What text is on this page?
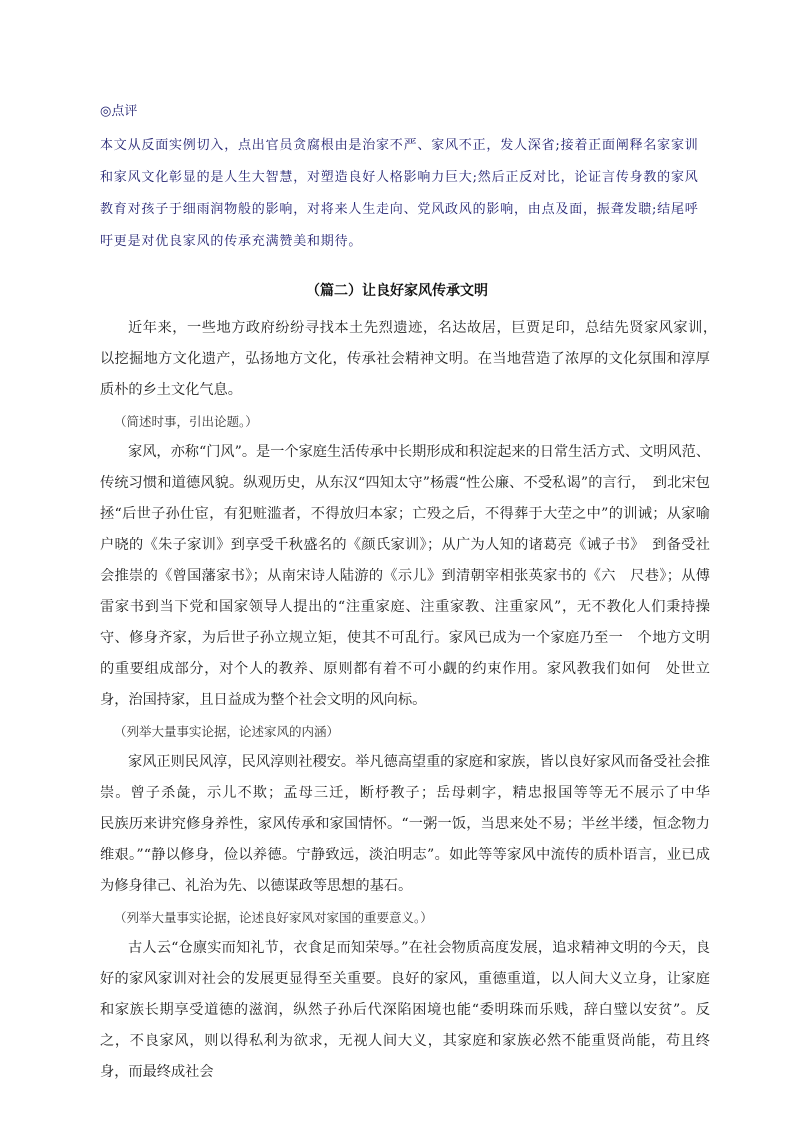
◎点评
本文从反面实例切入，点出官员贪腐根由是治家不严、家风不正，发人深省;接着正面阐释名家家训和家风文化彰显的是人生大智慧，对塑造良好人格影响力巨大;然后正反对比，论证言传身教的家风教育对孩子于细雨润物般的影响，对将来人生走向、党风政风的影响，由点及面，振聋发聩;结尾呼吁更是对优良家风的传承充满赞美和期待。
（篇二）让良好家风传承文明
近年来，一些地方政府纷纷寻找本土先烈遗迹，名达故居，巨贾足印，总结先贤家风家训，　以挖掘地方文化遗产，弘扬地方文化，传承社会精神文明。在当地营造了浓厚的文化氛围和淳厚　质朴的乡土文化气息。
（简述时事，引出论题。）
家风，亦称“门风”。是一个家庭生活传承中长期形成和积淀起来的日常生活方式、文明风范、传统习惯和道德风貌。纵观历史，从东汉“四知太守”杨震“性公廉、不受私谒”的言行，　到北宋包拯“后世子孙仕宦，有犯赃滥者，不得放归本家；亡殁之后，不得葬于大茔之中”的训诫；从家喻户晓的《朱子家训》到享受千秋盛名的《颜氏家训》；从广为人知的诸葛亮《诫子书》　到备受社会推崇的《曾国藩家书》；从南宋诗人陆游的《示儿》到清朝宰相张英家书的《六　尺巷》；从傅雷家书到当下党和国家领导人提出的“注重家庭、注重家教、注重家风”，无不教化人们秉持操守、修身齐家，为后世子孙立规立矩，使其不可乱行。家风已成为一个家庭乃至一　个地方文明的重要组成部分，对个人的教养、原则都有着不可小觑的约束作用。家风教我们如何　处世立身，治国持家，且日益成为整个社会文明的风向标。
（列举大量事实论据，论述家风的内涵）
家风正则民风淳，民风淳则社稷安。举凡德高望重的家庭和家族，皆以良好家风而备受社会推崇。曾子杀彘，示儿不欺；孟母三迁，断杼教子；岳母刺字，精忠报国等等无不展示了中华　　民族历来讲究修身养性，家风传承和家国情怀。“一粥一饭，当思来处不易；半丝半缕，恒念物力维艰。”“静以修身，俭以养德。宁静致远，淡泊明志”。如此等等家风中流传的质朴语言，业已成为修身律己、礼治为先、以德谋政等思想的基石。
（列举大量事实论据，论述良好家风对家国的重要意义。）
古人云“仓廪实而知礼节，衣食足而知荣辱。”在社会物质高度发展，追求精神文明的今天，良好的家风家训对社会的发展更显得至关重要。良好的家风，重德重道，以人间大义立身，让家庭和家族长期享受道德的滋润，纵然子孙后代深陷困境也能“委明珠而乐贱，辞白璧以安贫”。反之，不良家风，则以得私利为欲求，无视人间大义，其家庭和家族必然不能重贤尚能，苟且终　　身，而最终成社会
